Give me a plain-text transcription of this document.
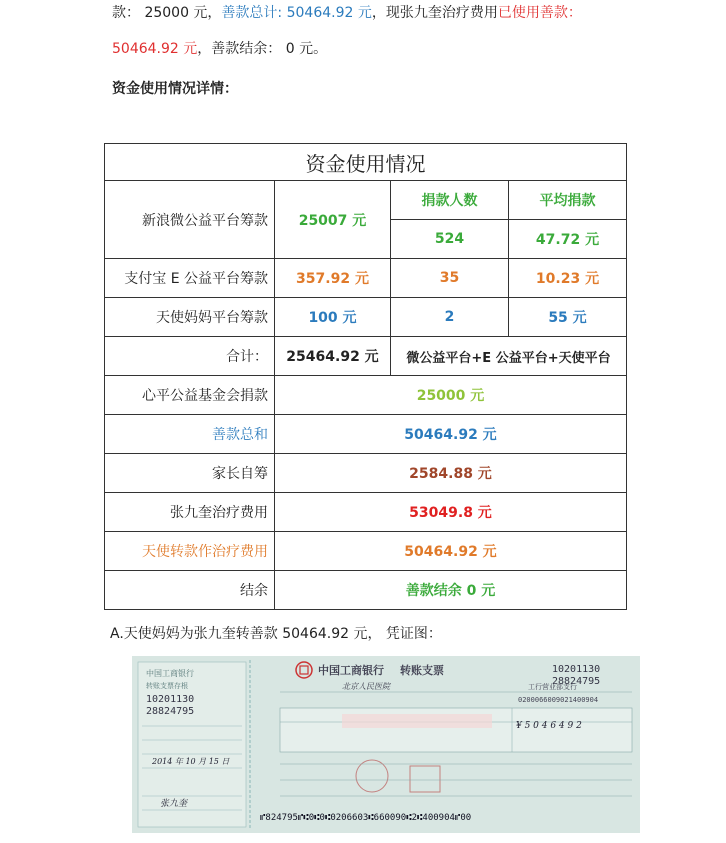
款： 25000 元，善款总计: 50464.92 元，现张九奎治疗费用已使用善款：
50464.92 元，善款结余： 0 元。
资金使用情况详情：
资金使用情况			
新浪微公益平台筹款	25007 元	捐款人数	平均捐款
		524	47.72 元
支付宝 E 公益平台筹款	357.92 元	35	10.23 元
天使妈妈平台筹款	100 元	2	55 元
合计：	25464.92 元	微公益平台+E 公益平台+天使平台	
心平公益基金会捐款	25000 元		
善款总和	50464.92 元		
家长自筹	2584.88 元		
张九奎治疗费用	53049.8 元		
天使转款作治疗费用	50464.92 元		
结余	善款结余 0 元		
A.天使妈妈为张九奎转善款 50464.92 元， 凭证图：
中国工商银行
转账支票存根
10201130
28824795
2014 年 10 月 15 日
张九奎
中国工商银行 转账支票	10201130
28824795
北京人民医院	工行营业部支行
0200066009021400904
¥ 5 0 4 6 4 9 2
⑈824795⑈⑆0⑆0⑆0206603⑆660090⑆2⑆400904⑈00
